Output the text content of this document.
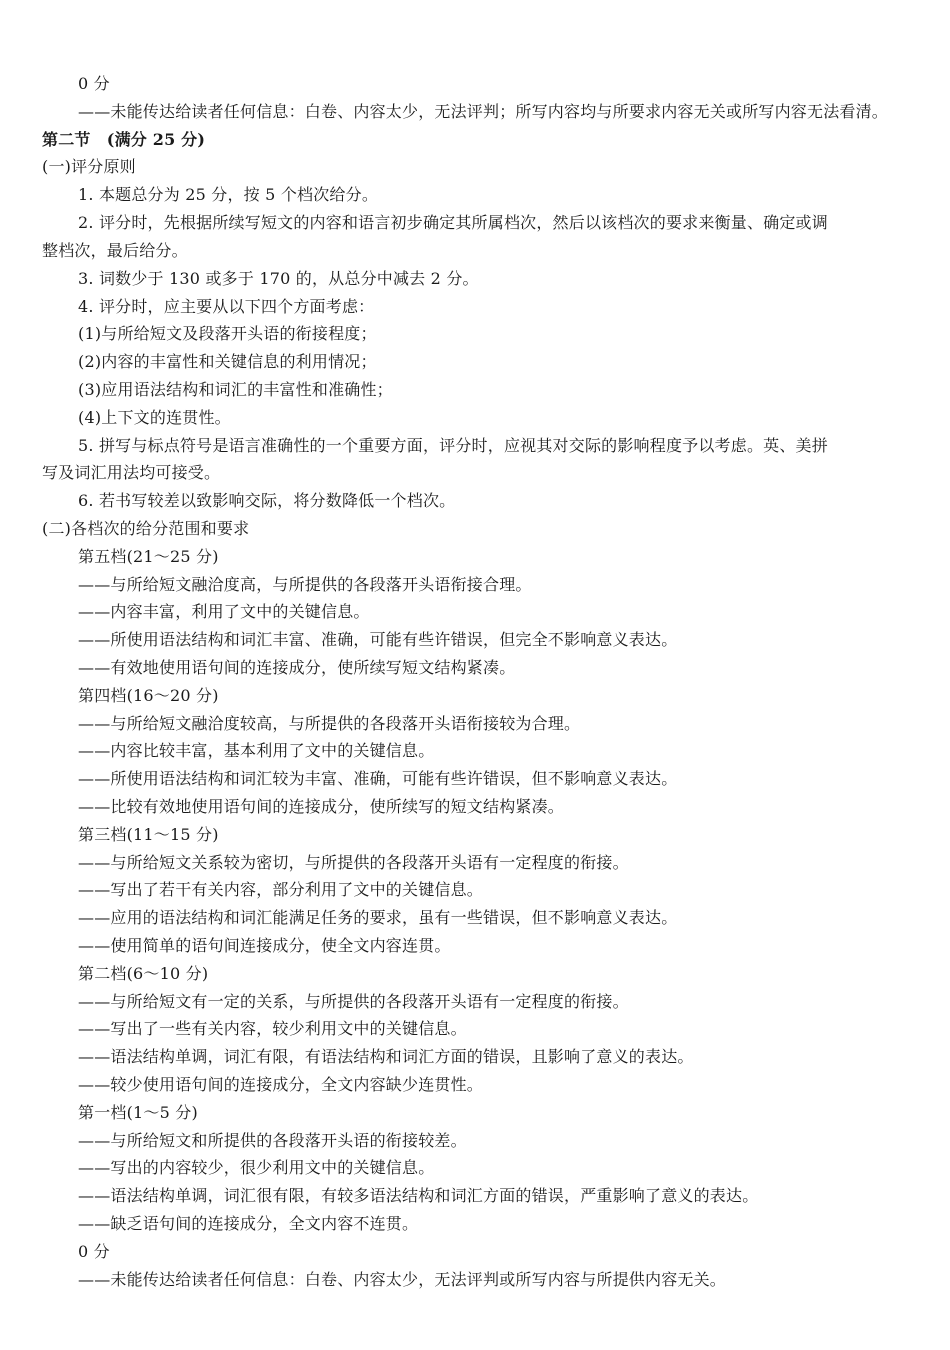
0 分
——未能传达给读者任何信息：白卷、内容太少，无法评判；所写内容均与所要求内容无关或所写内容无法看清。
第二节　(满分 25 分)
(一)评分原则
1. 本题总分为 25 分，按 5 个档次给分。
2. 评分时，先根据所续写短文的内容和语言初步确定其所属档次，然后以该档次的要求来衡量、确定或调
整档次，最后给分。
3. 词数少于 130 或多于 170 的，从总分中减去 2 分。
4. 评分时，应主要从以下四个方面考虑：
(1)与所给短文及段落开头语的衔接程度；
(2)内容的丰富性和关键信息的利用情况；
(3)应用语法结构和词汇的丰富性和准确性；
(4)上下文的连贯性。
5. 拼写与标点符号是语言准确性的一个重要方面，评分时，应视其对交际的影响程度予以考虑。英、美拼
写及词汇用法均可接受。
6. 若书写较差以致影响交际，将分数降低一个档次。
(二)各档次的给分范围和要求
第五档(21～25 分)
——与所给短文融洽度高，与所提供的各段落开头语衔接合理。
——内容丰富，利用了文中的关键信息。
——所使用语法结构和词汇丰富、准确，可能有些许错误，但完全不影响意义表达。
——有效地使用语句间的连接成分，使所续写短文结构紧凑。
第四档(16～20 分)
——与所给短文融洽度较高，与所提供的各段落开头语衔接较为合理。
——内容比较丰富，基本利用了文中的关键信息。
——所使用语法结构和词汇较为丰富、准确，可能有些许错误，但不影响意义表达。
——比较有效地使用语句间的连接成分，使所续写的短文结构紧凑。
第三档(11～15 分)
——与所给短文关系较为密切，与所提供的各段落开头语有一定程度的衔接。
——写出了若干有关内容，部分利用了文中的关键信息。
——应用的语法结构和词汇能满足任务的要求，虽有一些错误，但不影响意义表达。
——使用简单的语句间连接成分，使全文内容连贯。
第二档(6～10 分)
——与所给短文有一定的关系，与所提供的各段落开头语有一定程度的衔接。
——写出了一些有关内容，较少利用文中的关键信息。
——语法结构单调，词汇有限，有语法结构和词汇方面的错误，且影响了意义的表达。
——较少使用语句间的连接成分，全文内容缺少连贯性。
第一档(1～5 分)
——与所给短文和所提供的各段落开头语的衔接较差。
——写出的内容较少，很少利用文中的关键信息。
——语法结构单调，词汇很有限，有较多语法结构和词汇方面的错误，严重影响了意义的表达。
——缺乏语句间的连接成分，全文内容不连贯。
0 分
——未能传达给读者任何信息：白卷、内容太少，无法评判或所写内容与所提供内容无关。
